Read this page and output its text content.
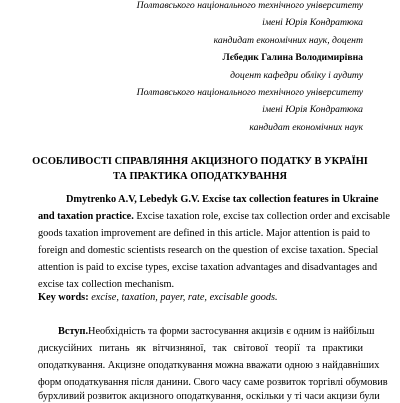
Полтавського національного технічного університету
імені Юрія Кондратюка
кандидат економічних наук, доцент
Лєбедик Галина Володимирівна
доцент кафедри обліку і аудиту
Полтавського національного технічного університету
імені Юрія Кондратюка
кандидат економічних наук
ОСОБЛИВОСТІ СПРАВЛЯННЯ АКЦИЗНОГО ПОДАТКУ В УКРАЇНІ
ТА ПРАКТИКА ОПОДАТКУВАННЯ
Dmytrenko A.V, Lebedyk G.V. Excise tax collection features in Ukraine
and taxation practice. Excise taxation role, excise tax collection order and excisable
goods taxation improvement are defined in this article. Major attention is paid to
foreign and domestic scientists research on the question of excise taxation. Special
attention is paid to excise types, excise taxation advantages and disadvantages and
excise tax collection mechanism.
Key words: excise, taxation, payer, rate, excisable goods.
Вступ.Необхідність та форми застосування акцизів є одним із найбільш
дискусійних питань як вітчизняної, так світової теорії та практики
оподаткування. Акцизне оподаткування можна вважати одною з найдавніших
форм оподаткування після данини. Свого часу саме розвиток торгівлі обумовив
бурхливий розвиток акцизного оподаткування, оскільки у ті часи акцизи були
